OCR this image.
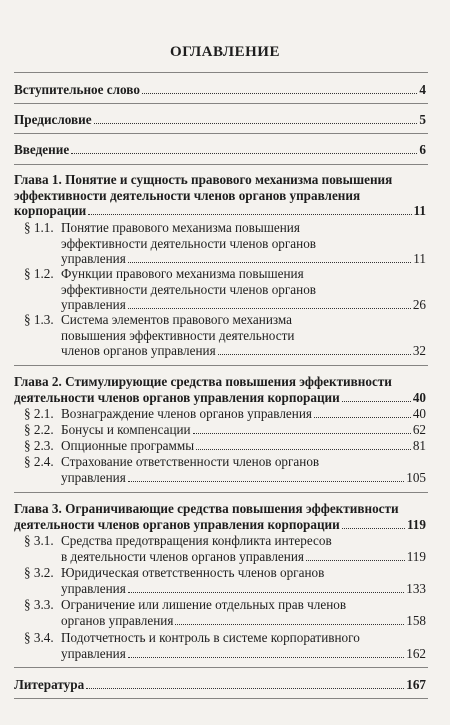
ОГЛАВЛЕНИЕ
Вступительное слово	4
Предисловие	5
Введение	6
Глава 1. Понятие и сущность правового механизма повышения
эффективности деятельности членов органов управления
корпорации	11
§ 1.1. Понятие правового механизма повышения
эффективности деятельности членов органов
управления	11
§ 1.2. Функции правового механизма повышения
эффективности деятельности членов органов
управления	26
§ 1.3. Система элементов правового механизма
повышения эффективности деятельности
членов органов управления	32
Глава 2. Стимулирующие средства повышения эффективности
деятельности членов органов управления корпорации	40
§ 2.1. Вознаграждение членов органов управления	40
§ 2.2. Бонусы и компенсации	62
§ 2.3. Опционные программы	81
§ 2.4. Страхование ответственности членов органов
управления	105
Глава 3. Ограничивающие средства повышения эффективности
деятельности членов органов управления корпорации	119
§ 3.1. Средства предотвращения конфликта интересов
в деятельности членов органов управления	119
§ 3.2. Юридическая ответственность членов органов
управления	133
§ 3.3. Ограничение или лишение отдельных прав членов
органов управления	158
§ 3.4. Подотчетность и контроль в системе корпоративного
управления	162
Литература	167
